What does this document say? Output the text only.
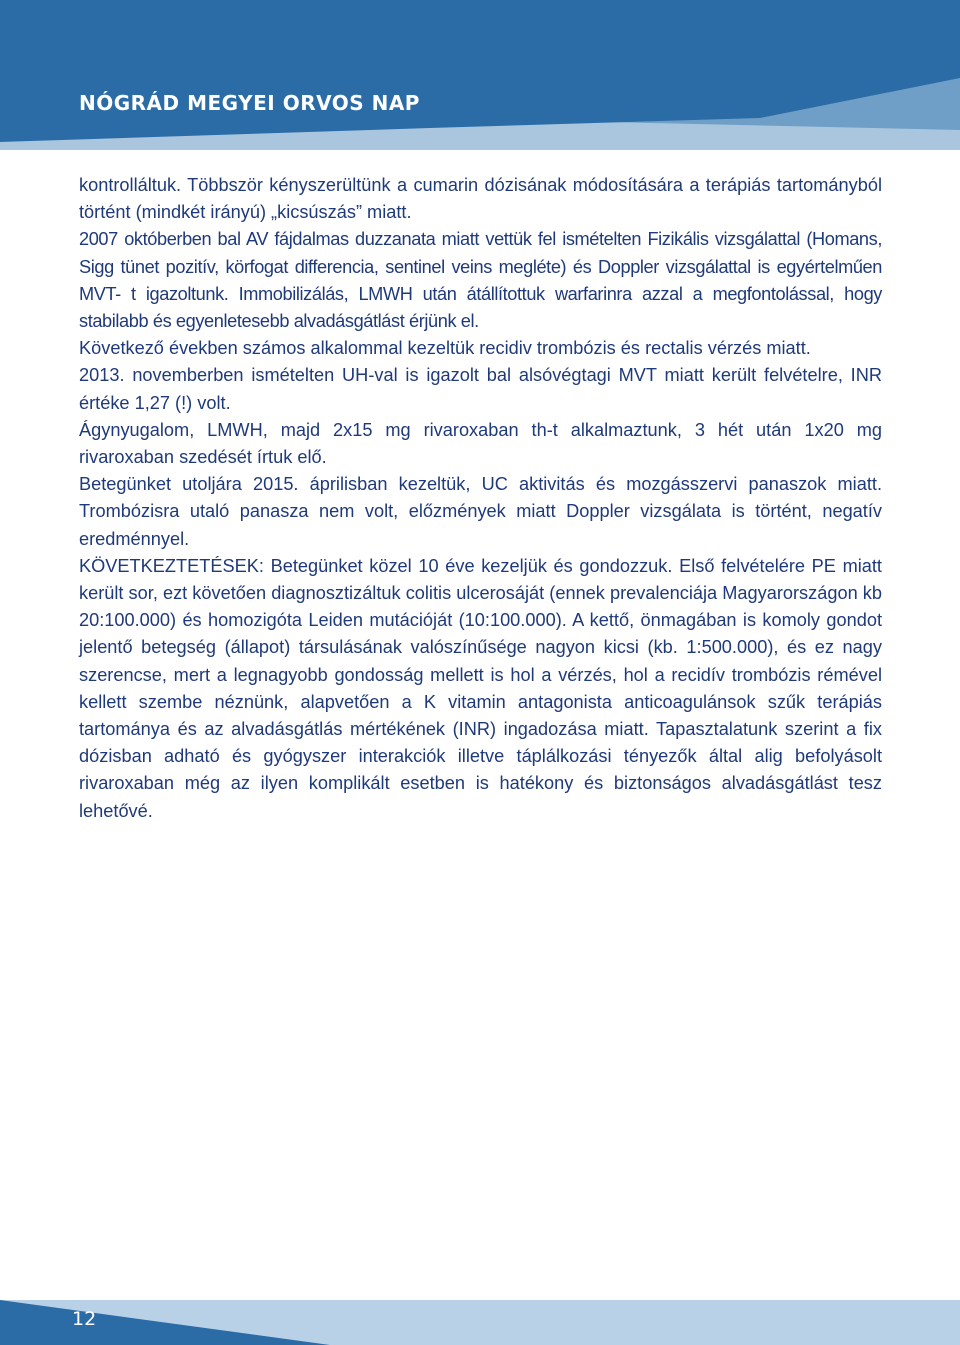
NÓGRÁD MEGYEI ORVOS NAP

kontrolláltuk. Többször kényszerültünk a cumarin dózisának módosítására a terápiás tartományból történt (mindkét irányú) „kicsúszás” miatt.

2007 októberben bal AV fájdalmas duzzanata miatt vettük fel ismételten Fizikális vizsgálattal (Homans, Sigg tünet pozitív, körfogat differencia, sentinel veins megléte) és Doppler vizsgálattal is egyértelműen MVT- t igazoltunk. Immobilizálás, LMWH után átállítottuk warfarinra azzal a megfontolással, hogy stabilabb és egyenletesebb alvadásgátlást érjünk el.

Következő években számos alkalommal kezeltük recidiv trombózis és rectalis vérzés miatt.

2013. novemberben ismételten UH-val is igazolt bal alsóvégtagi MVT miatt került felvételre, INR értéke 1,27 (!) volt.

Ágynyugalom, LMWH, majd 2x15 mg rivaroxaban th-t alkalmaztunk, 3 hét után 1x20 mg rivaroxaban szedését írtuk elő.

Betegünket utoljára 2015. áprilisban kezeltük, UC aktivitás és mozgásszervi panaszok miatt. Trombózisra utaló panasza nem volt, előzmények miatt Doppler vizsgálata is történt, negatív eredménnyel.

KÖVETKEZTETÉSEK: Betegünket közel 10 éve kezeljük és gondozzuk. Első felvételére PE miatt került sor, ezt követően diagnosztizáltuk colitis ulcerosáját (ennek prevalenciája Magyarországon kb 20:100.000) és homozigóta Leiden mutációját (10:100.000). A kettő, önmagában is komoly gondot jelentő betegség (állapot) társulásának valószínűsége nagyon kicsi (kb. 1:500.000), és ez nagy szerencse, mert a legnagyobb gondosság mellett is hol a vérzés, hol a recidív trombózis rémével kellett szembe néznünk, alapvetően a K vitamin antagonista anticoagulánsok szűk terápiás tartománya és az alvadásgátlás mértékének (INR) ingadozása miatt. Tapasztalatunk szerint a fix dózisban adható és gyógyszer interakciók illetve táplálkozási tényezők által alig befolyásolt rivaroxaban még az ilyen komplikált esetben is hatékony és biztonságos alvadásgátlást tesz lehetővé.

12
